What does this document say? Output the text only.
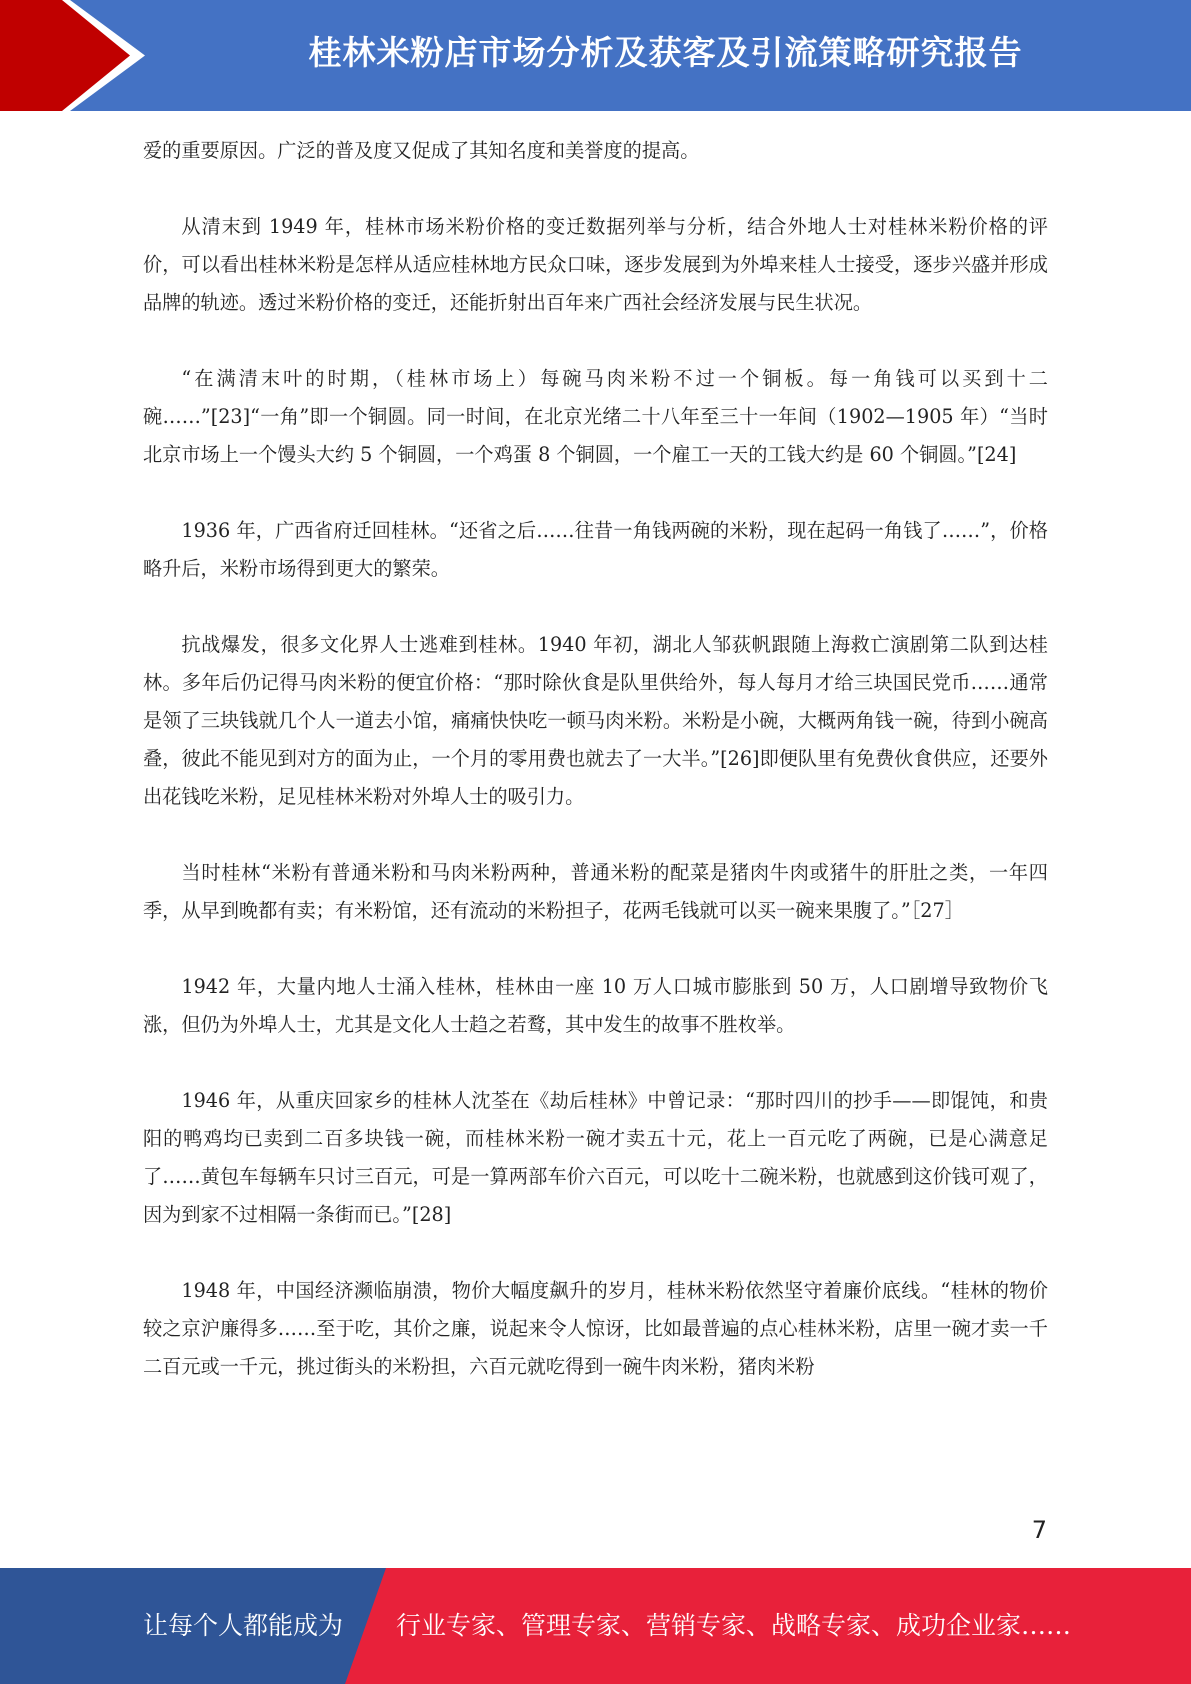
桂林米粉店市场分析及获客及引流策略研究报告

爱的重要原因。广泛的普及度又促成了其知名度和美誉度的提高。

从清末到 1949 年，桂林市场米粉价格的变迁数据列举与分析，结合外地人士对桂林米粉价格的评价，可以看出桂林米粉是怎样从适应桂林地方民众口味，逐步发展到为外埠来桂人士接受，逐步兴盛并形成品牌的轨迹。透过米粉价格的变迁，还能折射出百年来广西社会经济发展与民生状况。

“在满清末叶的时期，（桂林市场上）每碗马肉米粉不过一个铜板。每一角钱可以买到十二碗……”[23]“一角”即一个铜圆。同一时间，在北京光绪二十八年至三十一年间（1902—1905 年）“当时北京市场上一个馒头大约 5 个铜圆，一个鸡蛋 8 个铜圆，一个雇工一天的工钱大约是 60 个铜圆。”[24]

1936 年，广西省府迁回桂林。“还省之后……往昔一角钱两碗的米粉，现在起码一角钱了……”，价格略升后，米粉市场得到更大的繁荣。

抗战爆发，很多文化界人士逃难到桂林。1940 年初，湖北人邹荻帆跟随上海救亡演剧第二队到达桂林。多年后仍记得马肉米粉的便宜价格：“那时除伙食是队里供给外，每人每月才给三块国民党币……通常是领了三块钱就几个人一道去小馆，痛痛快快吃一顿马肉米粉。米粉是小碗，大概两角钱一碗，待到小碗高叠，彼此不能见到对方的面为止，一个月的零用费也就去了一大半。”[26]即便队里有免费伙食供应，还要外出花钱吃米粉，足见桂林米粉对外埠人士的吸引力。

当时桂林“米粉有普通米粉和马肉米粉两种，普通米粉的配菜是猪肉牛肉或猪牛的肝肚之类，一年四季，从早到晚都有卖；有米粉馆，还有流动的米粉担子，花两毛钱就可以买一碗来果腹了。”［27］

1942 年，大量内地人士涌入桂林，桂林由一座 10 万人口城市膨胀到 50 万，人口剧增导致物价飞涨，但仍为外埠人士，尤其是文化人士趋之若鹜，其中发生的故事不胜枚举。

1946 年，从重庆回家乡的桂林人沈荃在《劫后桂林》中曾记录：“那时四川的抄手——即馄饨，和贵阳的鸭鸡均已卖到二百多块钱一碗，而桂林米粉一碗才卖五十元，花上一百元吃了两碗，已是心满意足了……黄包车每辆车只讨三百元，可是一算两部车价六百元，可以吃十二碗米粉，也就感到这价钱可观了，因为到家不过相隔一条街而已。”[28]

1948 年，中国经济濒临崩溃，物价大幅度飙升的岁月，桂林米粉依然坚守着廉价底线。“桂林的物价较之京沪廉得多……至于吃，其价之廉，说起来令人惊讶，比如最普遍的点心桂林米粉，店里一碗才卖一千二百元或一千元，挑过街头的米粉担，六百元就吃得到一碗牛肉米粉，猪肉米粉

7
让每个人都能成为 行业专家、管理专家、营销专家、战略专家、成功企业家……
